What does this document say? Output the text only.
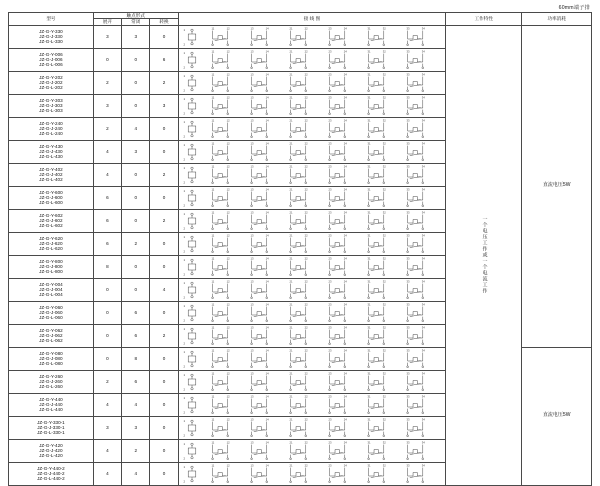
60mm端子排
型号	触点形式			接 线 图	工作特性	功率消耗
	展开	常闭	转换			

JZ-G-Y-330
JZ-G-J-330
JZ-G-L-330
	3	3	0	
1
2
11	12	13	14	21	22	23	24	31	32	33	34

一个电压工作或一个电流工作

直流电压5W

JZ-G-Y-006
JZ-G-J-006
JZ-G-L-006
	0	0	6	
1
2
11	12	13	14	21	22	23	24	31	32	33	34

JZ-G-Y-202
JZ-G-J-202
JZ-G-L-202
	2	0	2	
1
2
11	12	13	14	21	22	23	24	31	32	33	34

JZ-G-Y-303
JZ-G-J-303
JZ-G-L-303
	3	0	3	
1
2
11	12	13	14	21	22	23	24	31	32	33	34

JZ-G-Y-240
JZ-G-J-240
JZ-G-L-240
	2	4	0	
1
2
11	12	13	14	21	22	23	24	31	32	33	34

JZ-G-Y-430
JZ-G-J-430
JZ-G-L-430
	4	3	0	
1
2
11	12	13	14	21	22	23	24	31	32	33	34

JZ-G-Y-402
JZ-G-J-402
JZ-G-L-402
	4	0	2	
1
2
11	12	13	14	21	22	23	24	31	32	33	34

JZ-G-Y-600
JZ-G-J-600
JZ-G-L-600
	6	0	0	
1
2
11	12	13	14	21	22	23	24	31	32	33	34

JZ-G-Y-602
JZ-G-J-602
JZ-G-L-602
	6	0	2	
1
2
11	12	13	14	21	22	23	24	31	32	33	34

JZ-G-Y-620
JZ-G-J-620
JZ-G-L-620
	6	2	0	
1
2
11	12	13	14	21	22	23	24	31	32	33	34

JZ-G-Y-800
JZ-G-J-800
JZ-G-L-800
	8	0	0	
1
2
11	12	13	14	21	22	23	24	31	32	33	34

JZ-G-Y-004
JZ-G-J-004
JZ-G-L-004
	0	0	4	
1
2
11	12	13	14	21	22	23	24	31	32	33	34

JZ-G-Y-060
JZ-G-J-060
JZ-G-L-060
	0	6	0	
1
2
11	12	13	14	21	22	23	24	31	32	33	34

JZ-G-Y-062
JZ-G-J-062
JZ-G-L-062
	0	6	2	
1
2
11	12	13	14	21	22	23	24	31	32	33	34

JZ-G-Y-080
JZ-G-J-080
JZ-G-L-080
	0	8	0	
1
2
11	12	13	14	21	22	23	24	31	32	33	34

直流电压5W

JZ-G-Y-260
JZ-G-J-260
JZ-G-L-260
	2	6	0	
1
2
11	12	13	14	21	22	23	24	31	32	33	34

JZ-G-Y-440
JZ-G-J-440
JZ-G-L-440
	4	4	0	
1
2
11	12	13	14	21	22	23	24	31	32	33	34

JZ-G-Y-330-1
JZ-G-J-330-1
JZ-G-L-330-1
	3	3	0	
1
2
11	12	13	14	21	22	23	24	31	32	33	34

JZ-G-Y-420
JZ-G-J-420
JZ-G-L-420
	4	2	0	
1
2
11	12	13	14	21	22	23	24	31	32	33	34

JZ-G-Y-440-2
JZ-G-J-440-2
JZ-G-L-440-2
	4	4	0	
1
2
11	12	13	14	21	22	23	24	31	32	33	34
